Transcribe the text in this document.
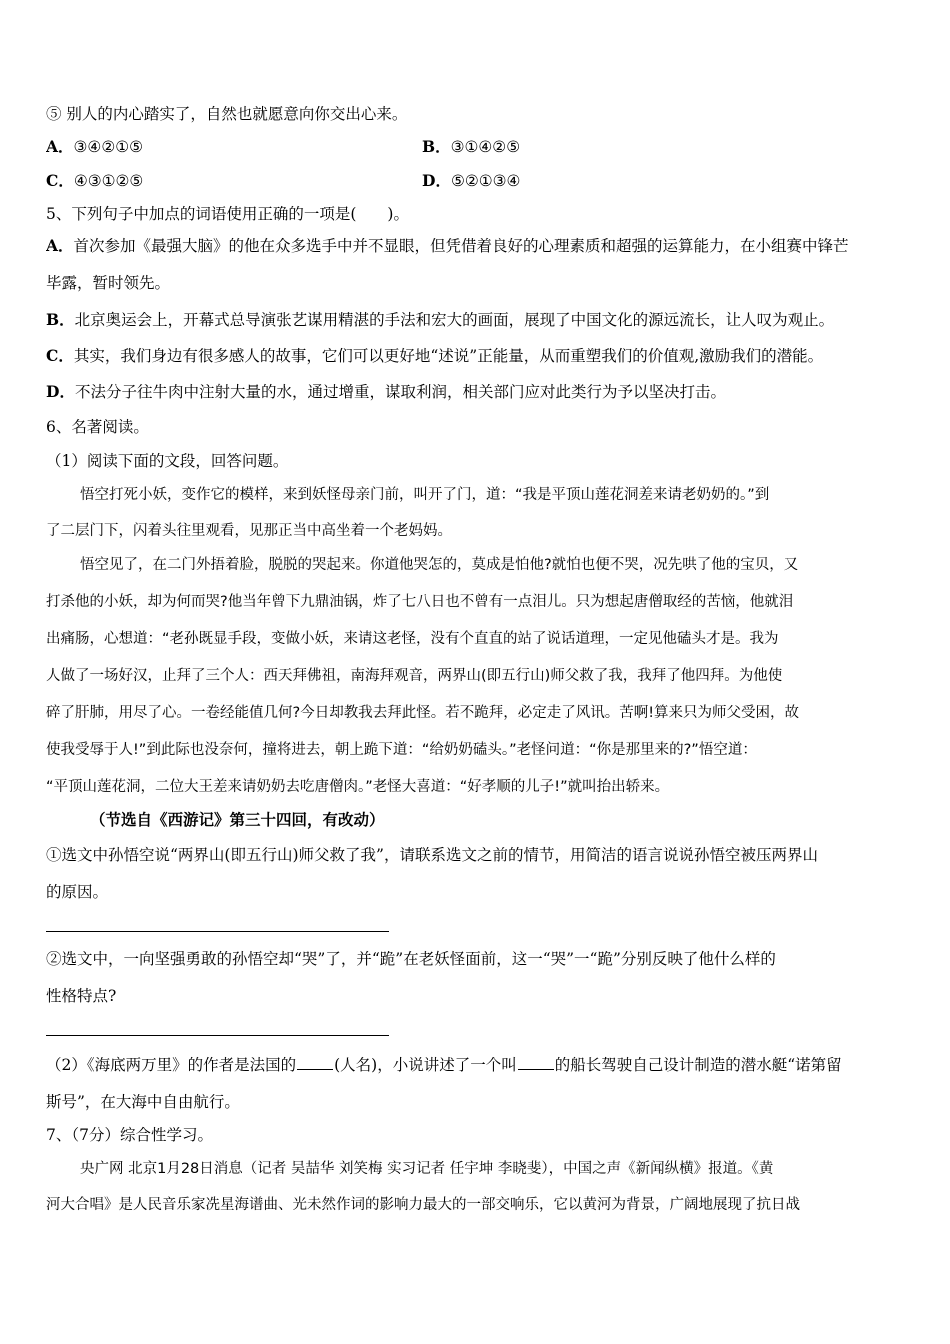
⑤ 别人的内心踏实了，自然也就愿意向你交出心来。
A．③④②①⑤	B．③①④②⑤
C．④③①②⑤	D．⑤②①③④
5、下列句子中加点的词语使用正确的一项是(　　)。
A．首次参加《最强大脑》的他在众多选手中并不显眼，但凭借着良好的心理素质和超强的运算能力，在小组赛中锋芒
毕露，暂时领先。
B．北京奥运会上，开幕式总导演张艺谋用精湛的手法和宏大的画面，展现了中国文化的源远流长，让人叹为观止。
C．其实，我们身边有很多感人的故事，它们可以更好地“述说”正能量，从而重塑我们的价值观,激励我们的潜能。
D．不法分子往牛肉中注射大量的水，通过增重，谋取利润，相关部门应对此类行为予以坚决打击。
6、名著阅读。
（1）阅读下面的文段，回答问题。
悟空打死小妖，变作它的模样，来到妖怪母亲门前，叫开了门，道：“我是平顶山莲花洞差来请老奶奶的。”到
了二层门下，闪着头往里观看，见那正当中高坐着一个老妈妈。
悟空见了，在二门外捂着脸，脱脱的哭起来。你道他哭怎的，莫成是怕他?就怕也便不哭，况先哄了他的宝贝，又
打杀他的小妖，却为何而哭?他当年曾下九鼎油锅，炸了七八日也不曾有一点泪儿。只为想起唐僧取经的苦恼，他就泪
出痛肠，心想道：“老孙既显手段，变做小妖，来请这老怪，没有个直直的站了说话道理，一定见他磕头才是。我为
人做了一场好汉，止拜了三个人：西天拜佛祖，南海拜观音，两界山(即五行山)师父救了我，我拜了他四拜。为他使
碎了肝肺，用尽了心。一卷经能值几何?今日却教我去拜此怪。若不跪拜，必定走了风讯。苦啊!算来只为师父受困，故
使我受辱于人!”到此际也没奈何，撞将进去，朝上跪下道：“给奶奶磕头。”老怪问道：“你是那里来的?”悟空道：
“平顶山莲花洞，二位大王差来请奶奶去吃唐僧肉。”老怪大喜道：“好孝顺的儿子!”就叫抬出轿来。
（节选自《西游记》第三十四回，有改动）
①选文中孙悟空说“两界山(即五行山)师父救了我”，请联系选文之前的情节，用简洁的语言说说孙悟空被压两界山
的原因。
②选文中，一向坚强勇敢的孙悟空却“哭”了，并“跪”在老妖怪面前，这一“哭”一“跪”分别反映了他什么样的
性格特点?
（2）《海底两万里》的作者是法国的 (人名)，小说讲述了一个叫 的船长驾驶自己设计制造的潜水艇“诺第留
斯号”，在大海中自由航行。
7、（7分）综合性学习。
央广网 北京1月28日消息（记者 吴喆华 刘笑梅 实习记者 任宇坤 李晓斐），中国之声《新闻纵横》报道。《黄
河大合唱》是人民音乐家冼星海谱曲、光未然作词的影响力最大的一部交响乐，它以黄河为背景，广阔地展现了抗日战
